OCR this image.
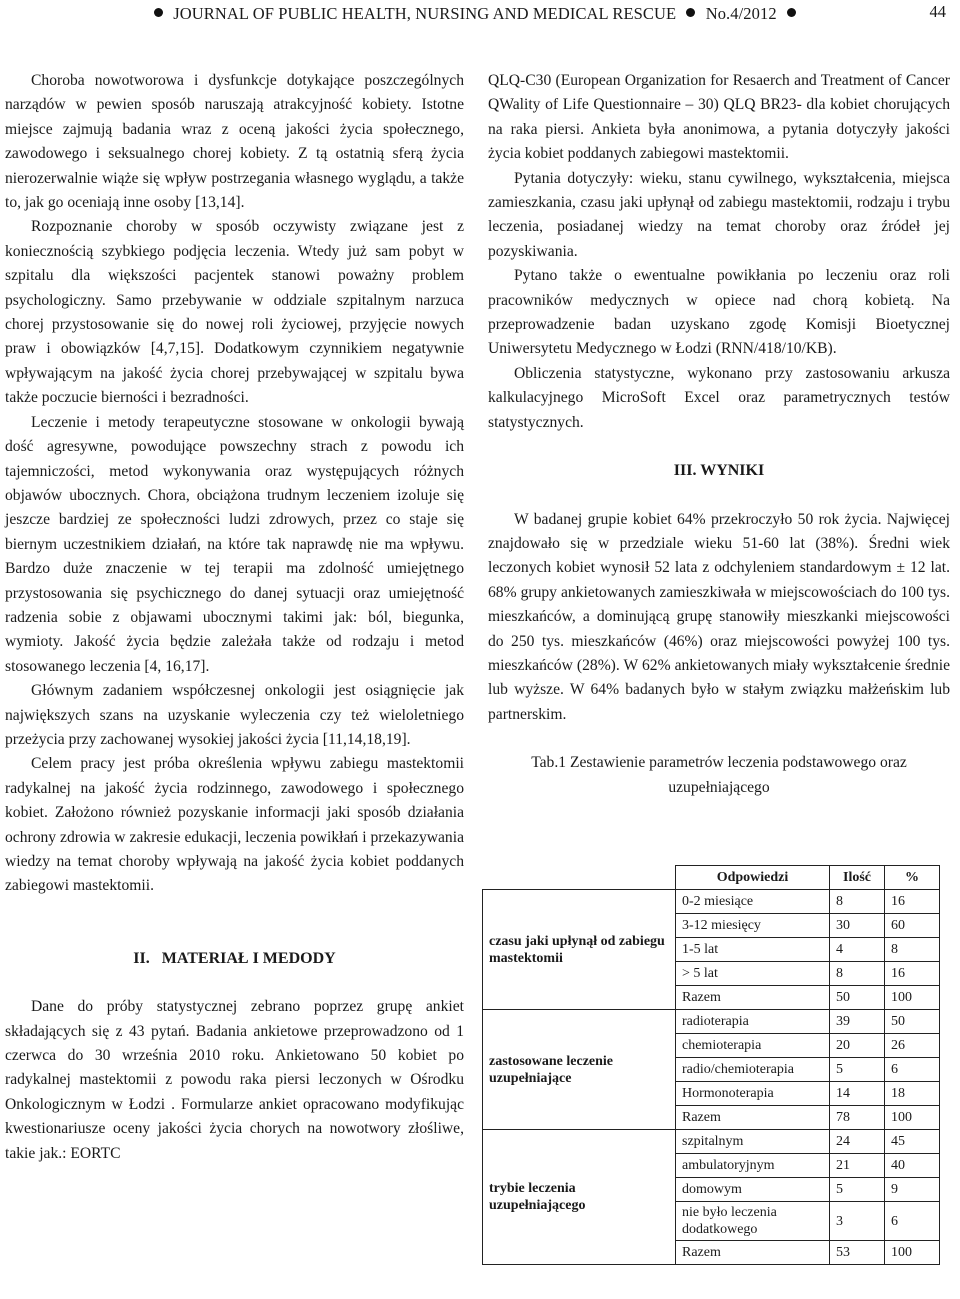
JOURNAL OF PUBLIC HEALTH, NURSING AND MEDICAL RESCUE No.4/2012	44

Choroba nowotworowa i dysfunkcje dotykające poszczególnych narządów w pewien sposób naruszają atrakcyjność kobiety. Istotne miejsce zajmują badania wraz z oceną jakości życia społecznego, zawodowego i seksualnego chorej kobiety. Z tą ostatnią sferą życia nierozerwalnie wiąże się wpływ postrzegania własnego wyglądu, a także to, jak go oceniają inne osoby [13,14].

Rozpoznanie choroby w sposób oczywisty związane jest z koniecznością szybkiego podjęcia leczenia. Wtedy już sam pobyt w szpitalu dla większości pacjentek stanowi poważny problem psychologiczny. Samo przebywanie w oddziale szpitalnym narzuca chorej przystosowanie się do nowej roli życiowej, przyjęcie nowych praw i obowiązków [4,7,15]. Dodatkowym czynnikiem negatywnie wpływającym na jakość życia chorej przebywającej w szpitalu bywa także poczucie bierności i bezradności.

Leczenie i metody terapeutyczne stosowane w onkologii bywają dość agresywne, powodujące powszechny strach z powodu ich tajemniczości, metod wykonywania oraz występujących różnych objawów ubocznych. Chora, obciążona trudnym leczeniem izoluje się jeszcze bardziej ze społeczności ludzi zdrowych, przez co staje się biernym uczestnikiem działań, na które tak naprawdę nie ma wpływu. Bardzo duże znaczenie w tej terapii ma zdolność umiejętnego przystosowania się psychicznego do danej sytuacji oraz umiejętność radzenia sobie z objawami ubocznymi takimi jak: ból, biegunka, wymioty. Jakość życia będzie zależała także od rodzaju i metod stosowanego leczenia [4, 16,17].

Głównym zadaniem współczesnej onkologii jest osiągnięcie jak największych szans na uzyskanie wyleczenia czy też wieloletniego przeżycia przy zachowanej wysokiej jakości życia [11,14,18,19].

Celem pracy jest próba określenia wpływu zabiegu mastektomii radykalnej na jakość życia rodzinnego, zawodowego i społecznego kobiet. Założono również pozyskanie informacji jaki sposób działania ochrony zdrowia w zakresie edukacji, leczenia powikłań i przekazywania wiedzy na temat choroby wpływają na jakość życia kobiet poddanych zabiegowi mastektomii.

II.   MATERIAŁ I MEDODY

Dane do próby statystycznej zebrano poprzez grupę ankiet składających się z 43 pytań. Badania ankietowe przeprowadzono od 1 czerwca do 30 września 2010 roku. Ankietowano 50 kobiet po radykalnej mastektomii z powodu raka piersi leczonych w Ośrodku Onkologicznym w Łodzi . Formularze ankiet opracowano modyfikując kwestionariusze oceny jakości życia chorych na nowotwory złośliwe, takie jak.: EORTC

QLQ-C30 (European Organization for Resaerch and Treatment of Cancer QWality of Life Questionnaire – 30) QLQ BR23- dla kobiet chorujących na raka piersi. Ankieta była anonimowa, a pytania dotyczyły jakości życia kobiet poddanych zabiegowi mastektomii.

Pytania dotyczyły: wieku, stanu cywilnego, wykształcenia, miejsca zamieszkania, czasu jaki upłynął od zabiegu mastektomii, rodzaju i trybu leczenia, posiadanej wiedzy na temat choroby oraz źródeł jej pozyskiwania.

Pytano także o ewentualne powikłania po leczeniu oraz roli pracowników medycznych w opiece nad chorą kobietą. Na przeprowadzenie badan uzyskano zgodę Komisji Bioetycznej Uniwersytetu Medycznego w Łodzi (RNN/418/10/KB).

Obliczenia statystyczne, wykonano przy zastosowaniu arkusza kalkulacyjnego MicroSoft Excel oraz parametrycznych testów statystycznych.

III. WYNIKI

W badanej grupie kobiet 64% przekroczyło 50 rok życia. Najwięcej znajdowało się w przedziale wieku 51-60 lat (38%). Średni wiek leczonych kobiet wynosił 52 lata z odchyleniem standardowym ± 12 lat. 68% grupy ankietowanych zamieszkiwała w miejscowościach do 100 tys. mieszkańców, a dominującą grupę stanowiły mieszkanki miejscowości do 250 tys. mieszkańców (46%) oraz miejscowości powyżej 100 tys. mieszkańców (28%). W 62% ankietowanych miały wykształcenie średnie lub wyższe. W 64% badanych było w stałym związku małżeńskim lub partnerskim.

Tab.1 Zestawienie parametrów leczenia podstawowego oraz uzupełniającego

	Odpowiedzi	Ilość	%
czasu jaki upłynął od zabiegu mastektomii	0-2 miesiące	8	16
	3-12 miesięcy	30	60
	1-5 lat	4	8
	> 5 lat	8	16
	Razem	50	100
zastosowane leczenie uzupełniające	radioterapia	39	50
	chemioterapia	20	26
	radio/chemioterapia	5	6
	Hormonoterapia	14	18
	Razem	78	100
trybie leczenia uzupełniającego	szpitalnym	24	45
	ambulatoryjnym	21	40
	domowym	5	9
	nie było leczenia dodatkowego	3	6
	Razem	53	100
